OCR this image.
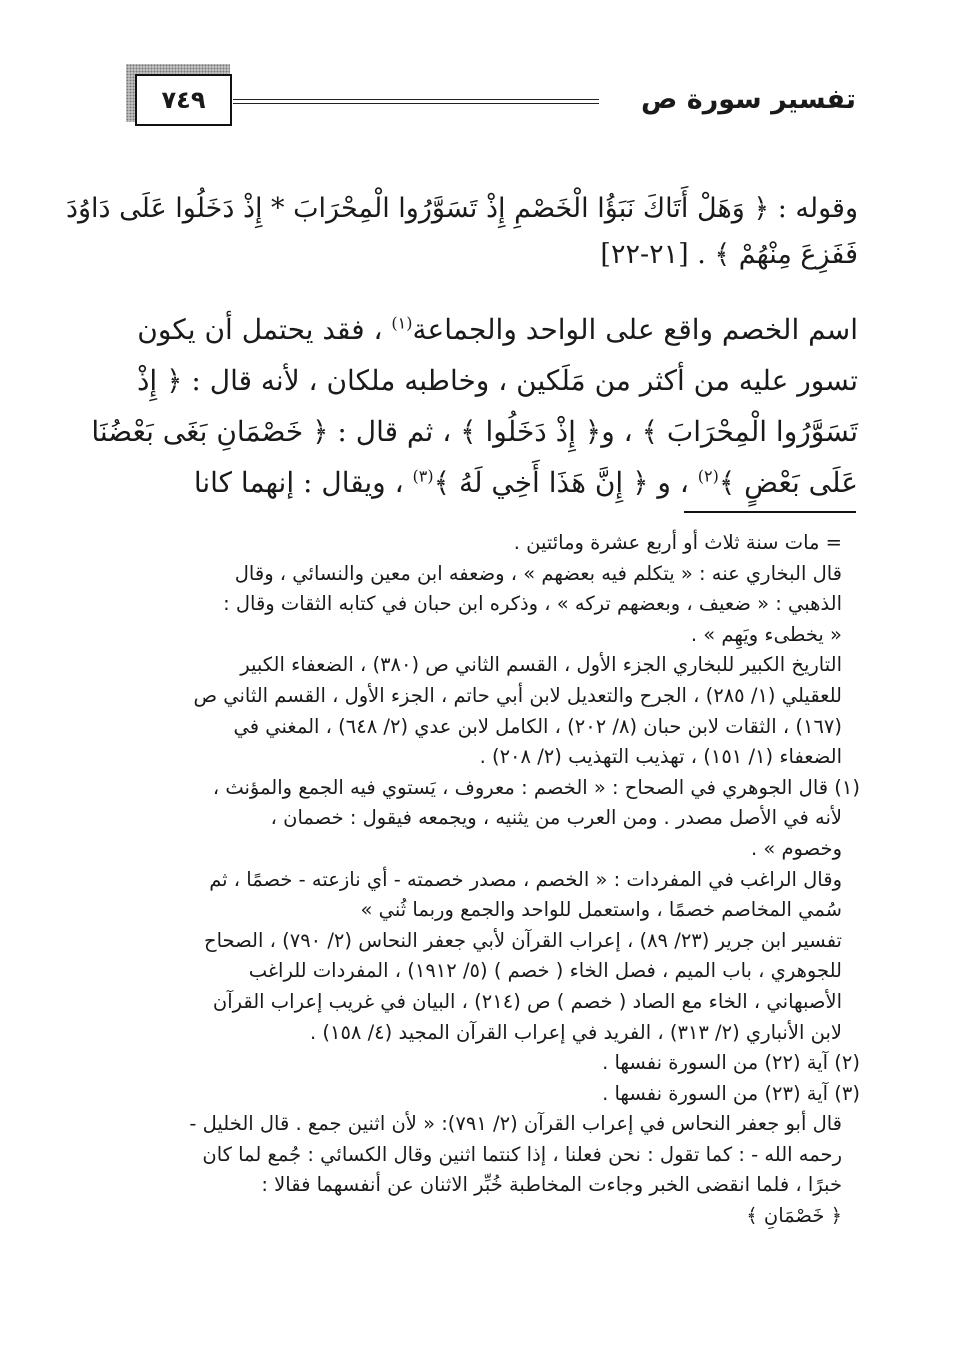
تفسير سورة ص
٧٤٩
وقوله : ﴿ وَهَلْ أَتَاكَ نَبَؤُا الْخَصْمِ إِذْ تَسَوَّرُوا الْمِحْرَابَ * إِذْ دَخَلُوا عَلَى دَاوُدَ
فَفَزِعَ مِنْهُمْ ﴾ . [٢١-٢٢]
اسم الخصم واقع على الواحد والجماعة$^{(١)}$ ، فقد يحتمل أن يكون
تسور عليه من أكثر من مَلَكين ، وخاطبه ملكان ، لأنه قال : ﴿ إِذْ
تَسَوَّرُوا الْمِحْرَابَ ﴾ ، و﴿ إِذْ دَخَلُوا ﴾ ، ثم قال : ﴿ خَصْمَانِ بَغَى بَعْضُنَا
عَلَى بَعْضٍ ﴾$^{(٢)}$ ، و ﴿ إِنَّ هَذَا أَخِي لَهُ ﴾$^{(٣)}$ ، ويقال : إنهما كانا
= مات سنة ثلاث أو أربع عشرة ومائتين .
قال البخاري عنه : « يتكلم فيه بعضهم » ، وضعفه ابن معين والنسائي ، وقال
الذهبي : « ضعيف ، وبعضهم تركه » ، وذكره ابن حبان في كتابه الثقات وقال :
« يخطىء ويَهِم » .
التاريخ الكبير للبخاري الجزء الأول ، القسم الثاني ص (٣٨٠) ، الضعفاء الكبير
للعقيلي (١/ ٢٨٥) ، الجرح والتعديل لابن أبي حاتم ، الجزء الأول ، القسم الثاني ص
(١٦٧) ، الثقات لابن حبان (٨/ ٢٠٢) ، الكامل لابن عدي (٢/ ٦٤٨) ، المغني في
الضعفاء (١/ ١٥١) ، تهذيب التهذيب (٢/ ٢٠٨) .
(١) قال الجوهري في الصحاح : « الخصم : معروف ، يَستوي فيه الجمع والمؤنث ،
لأنه في الأصل مصدر . ومن العرب من يثنيه ، ويجمعه فيقول : خصمان ،
وخصوم » .
وقال الراغب في المفردات : « الخصم ، مصدر خصمته - أي نازعته - خصمًا ، ثم
سُمي المخاصم خصمًا ، واستعمل للواحد والجمع وربما ثُني »
تفسير ابن جرير (٢٣/ ٨٩) ، إعراب القرآن لأبي جعفر النحاس (٢/ ٧٩٠) ، الصحاح
للجوهري ، باب الميم ، فصل الخاء ( خصم ) (٥/ ١٩١٢) ، المفردات للراغب
الأصبهاني ، الخاء مع الصاد ( خصم ) ص (٢١٤) ، البيان في غريب إعراب القرآن
لابن الأنباري (٢/ ٣١٣) ، الفريد في إعراب القرآن المجيد (٤/ ١٥٨) .
(٢) آية (٢٢) من السورة نفسها .
(٣) آية (٢٣) من السورة نفسها .
قال أبو جعفر النحاس في إعراب القرآن (٢/ ٧٩١): « لأن اثنين جمع . قال الخليل -
رحمه الله - : كما تقول : نحن فعلنا ، إذا كنتما اثنين وقال الكسائي : جُمع لما كان
خبرًا ، فلما انقضى الخبر وجاءت المخاطبة خُبِّر الاثنان عن أنفسهما فقالا :
﴿ خَصْمَانِ ﴾
